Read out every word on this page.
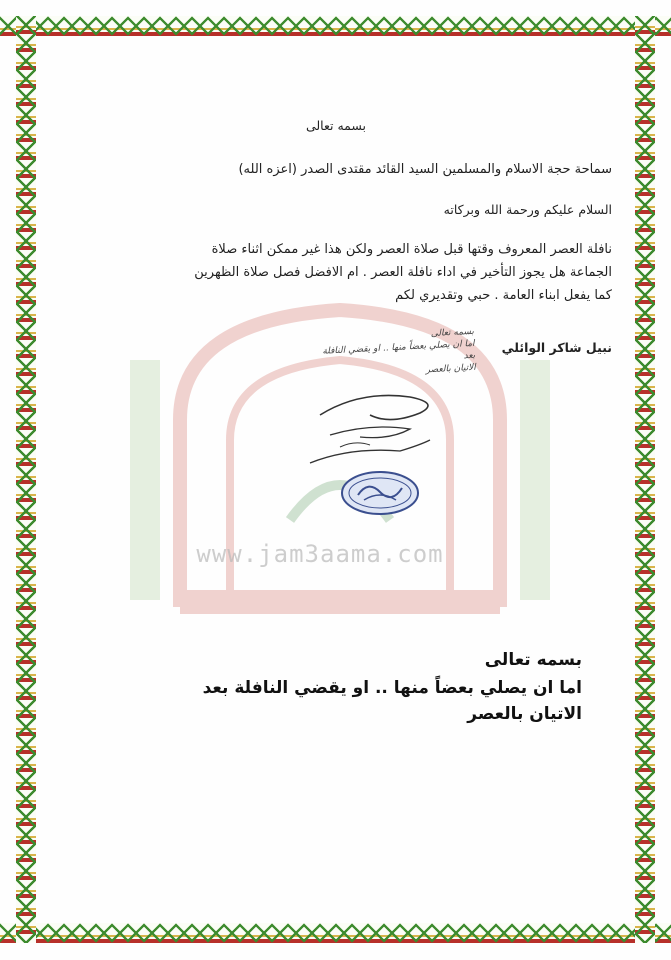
www.jam3aama.com
بسمه تعالى
سماحة حجة الاسلام والمسلمين السيد القائد مقتدى الصدر (اعزه الله)
السلام عليكم ورحمة الله وبركاته
نافلة العصر المعروف وقتها قبل صلاة العصر ولكن هذا غير ممكن اثناء صلاة
الجماعة هل يجوز التأخير في اداء نافلة العصر . ام الافضل فصل صلاة الظهرين
كما يفعل ابناء العامة . حبي وتقديري لكم
نبيل شاكر الوائلي
بسمه تعالى
اما ان يصلي بعضاً منها .. او يقضي النافلة بعد
الاتيان بالعصر
بسمه تعالى
اما ان يصلي بعضاً منها .. او يقضي النافلة بعد
الاتيان بالعصر
